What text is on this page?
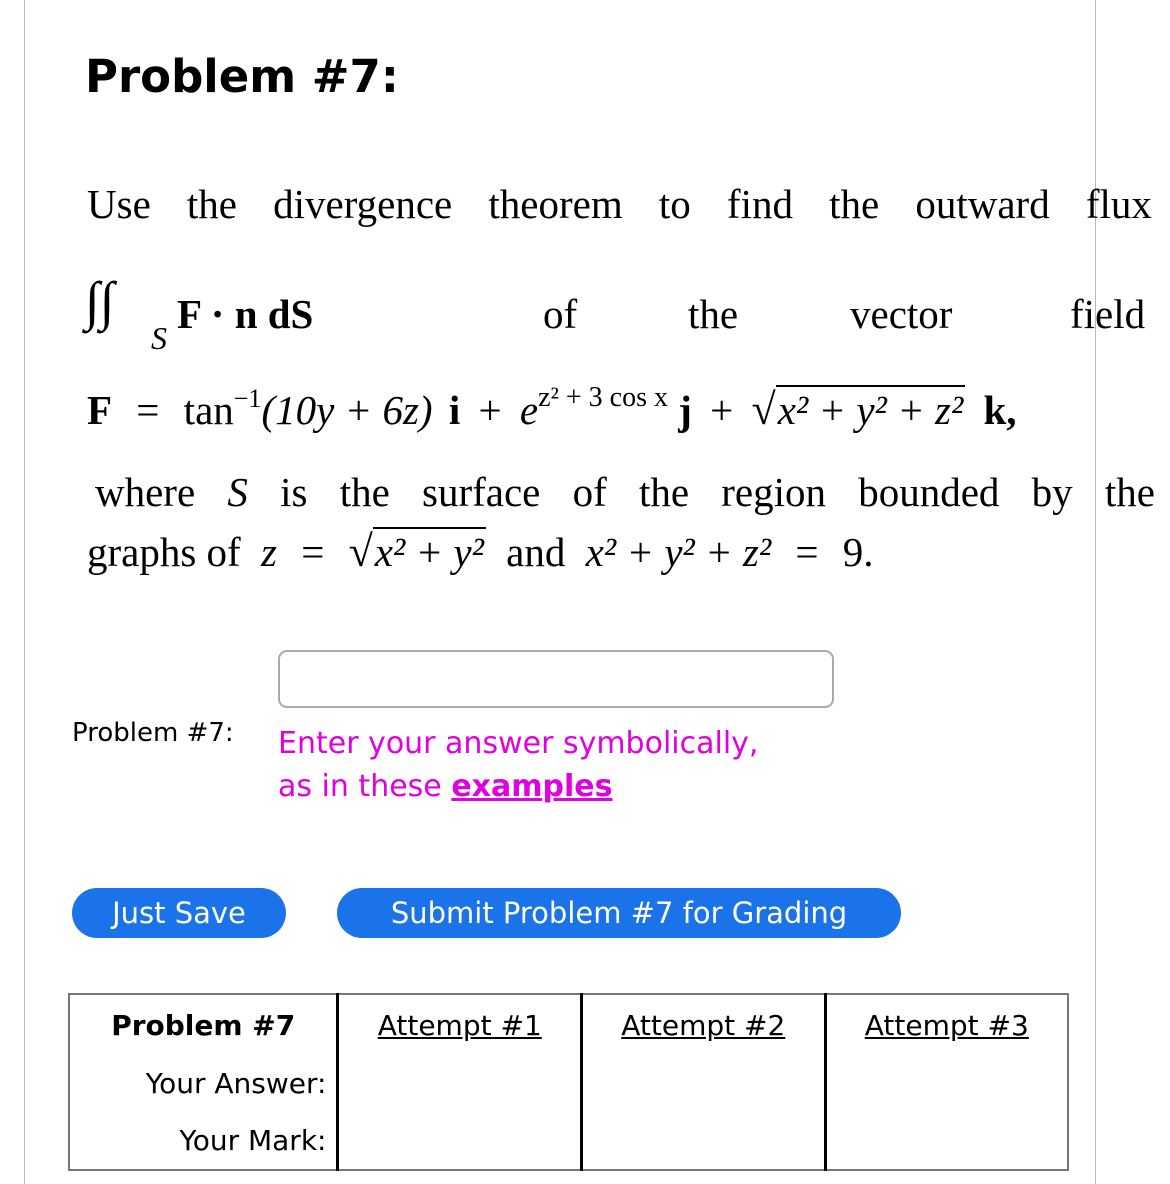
Problem #7:
Use the divergence theorem to find the outward flux
∫∫
S
F · n dS	of	the	vector	field
$F = \tan^{-1}(10y + 6z) i + e^{z^2 + 3 cos x}$ j + √x² + y² + z² k,
where S is the surface of the region bounded by the
graphs of z = √x² + y² and x² + y² + z² = 9.
Problem #7: Enter your answer symbolically,
as in these examples
Just Save	Submit Problem #7 for Grading
Problem #7	Attempt #1	Attempt #2	Attempt #3
Your Answer:			
Your Mark:			
